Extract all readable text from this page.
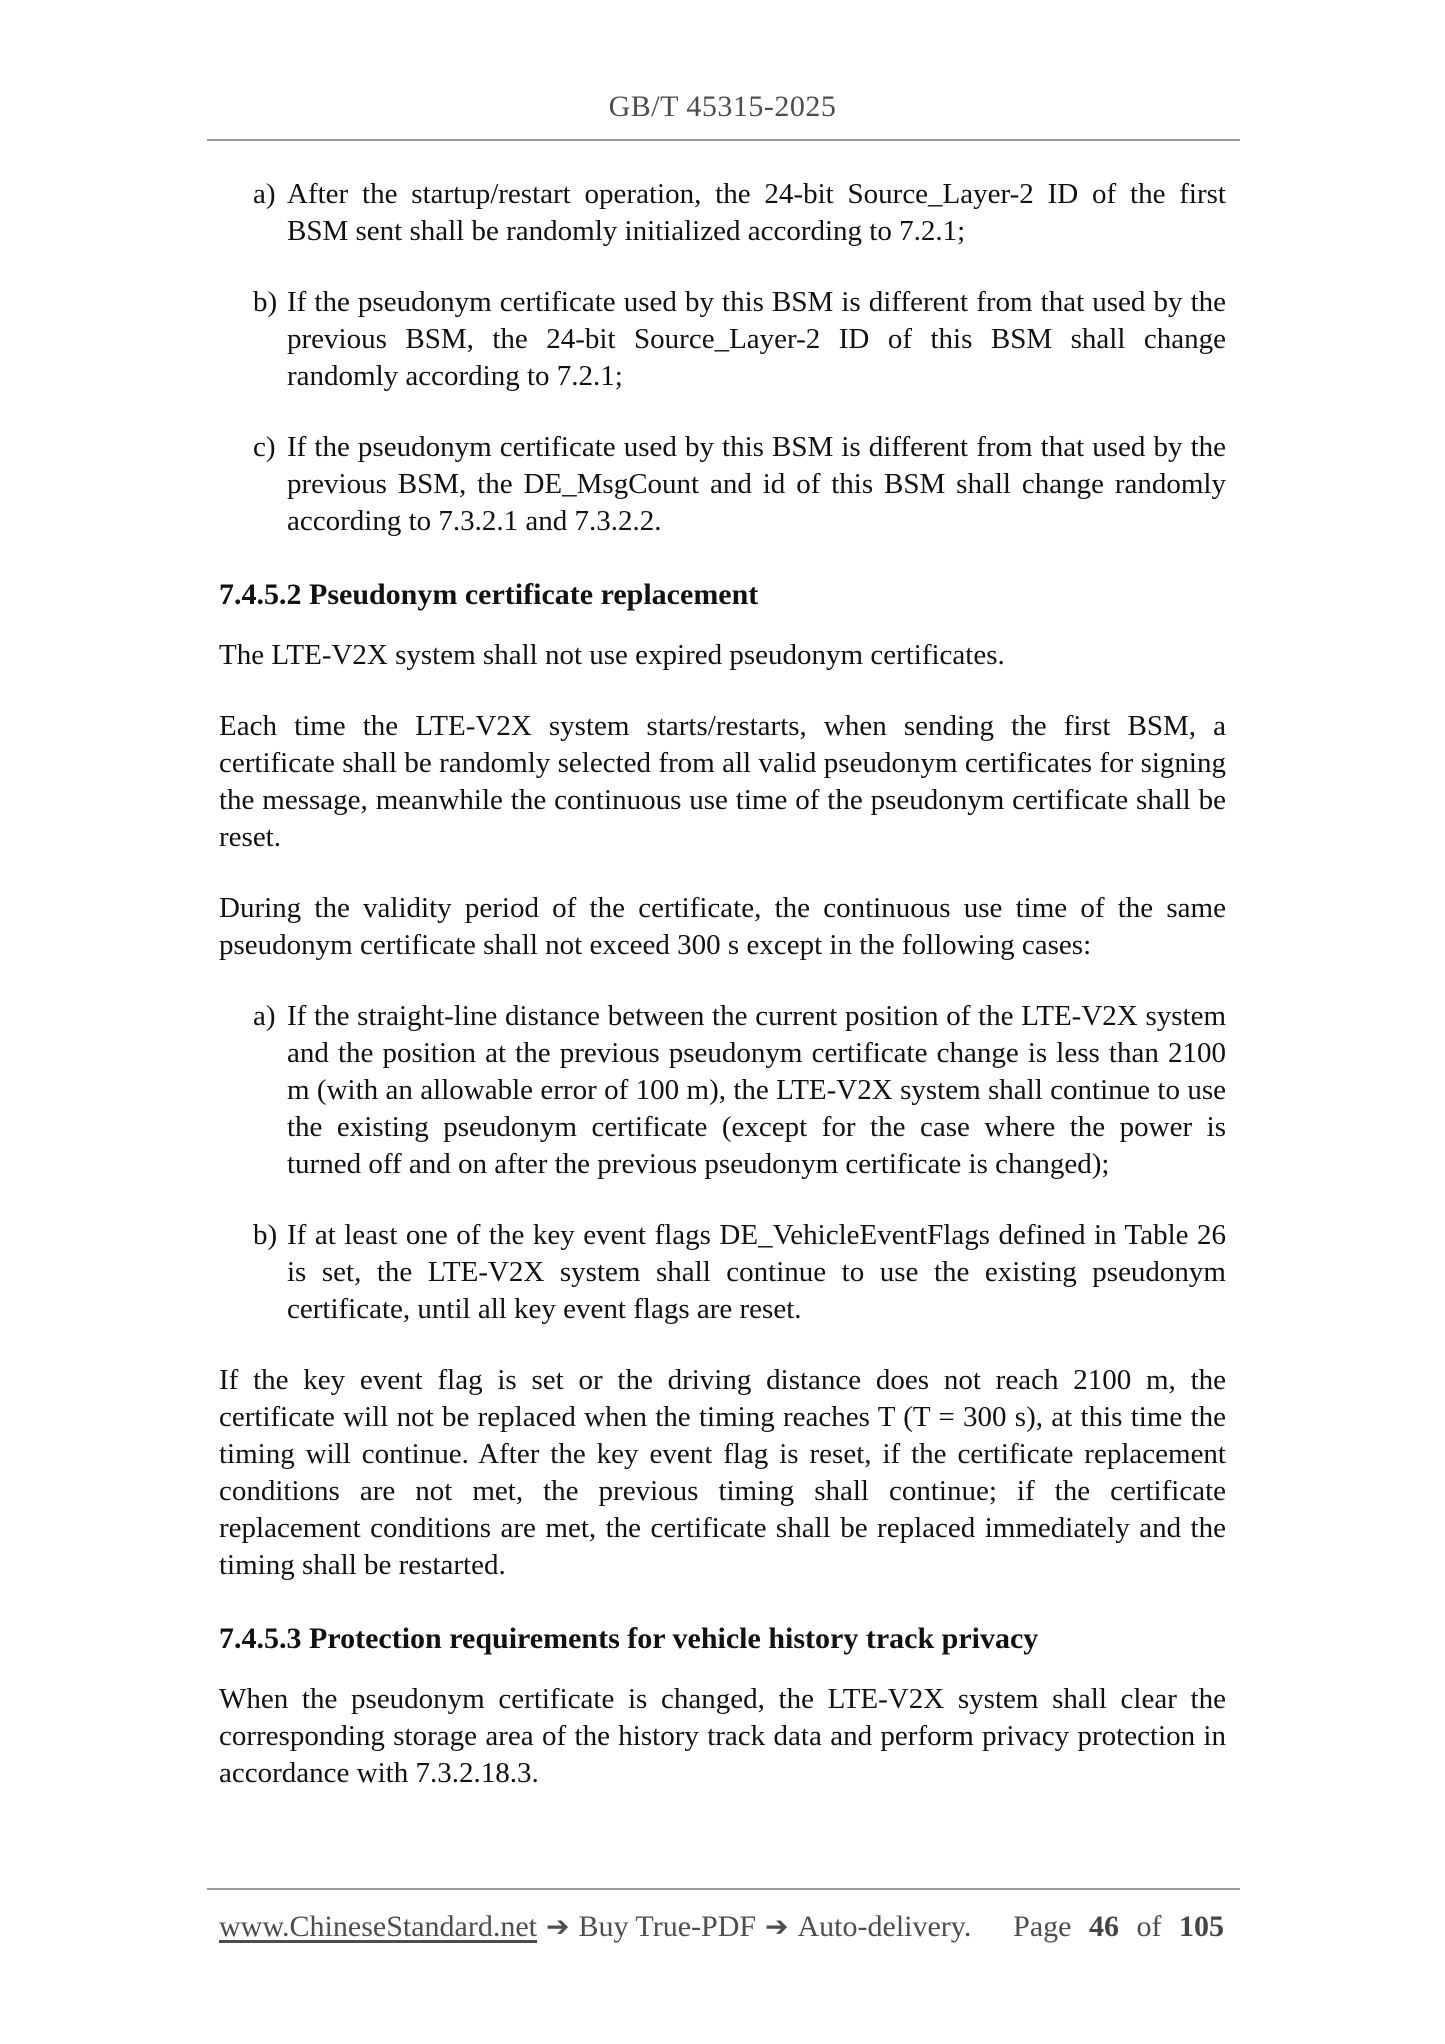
GB/T 45315-2025
a) After the startup/restart operation, the 24-bit Source_Layer-2 ID of the first BSM sent shall be randomly initialized according to 7.2.1;
b) If the pseudonym certificate used by this BSM is different from that used by the previous BSM, the 24-bit Source_Layer-2 ID of this BSM shall change randomly according to 7.2.1;
c) If the pseudonym certificate used by this BSM is different from that used by the previous BSM, the DE_MsgCount and id of this BSM shall change randomly according to 7.3.2.1 and 7.3.2.2.
7.4.5.2 Pseudonym certificate replacement

The LTE-V2X system shall not use expired pseudonym certificates.

Each time the LTE-V2X system starts/restarts, when sending the first BSM, a certificate shall be randomly selected from all valid pseudonym certificates for signing the message, meanwhile the continuous use time of the pseudonym certificate shall be reset.

During the validity period of the certificate, the continuous use time of the same pseudonym certificate shall not exceed 300 s except in the following cases:

a) If the straight-line distance between the current position of the LTE-V2X system and the position at the previous pseudonym certificate change is less than 2100 m (with an allowable error of 100 m), the LTE-V2X system shall continue to use the existing pseudonym certificate (except for the case where the power is turned off and on after the previous pseudonym certificate is changed);
b) If at least one of the key event flags DE_VehicleEventFlags defined in Table 26 is set, the LTE-V2X system shall continue to use the existing pseudonym certificate, until all key event flags are reset.

If the key event flag is set or the driving distance does not reach 2100 m, the certificate will not be replaced when the timing reaches T (T = 300 s), at this time the timing will continue. After the key event flag is reset, if the certificate replacement conditions are not met, the previous timing shall continue; if the certificate replacement conditions are met, the certificate shall be replaced immediately and the timing shall be restarted.

7.4.5.3 Protection requirements for vehicle history track privacy

When the pseudonym certificate is changed, the LTE-V2X system shall clear the corresponding storage area of the history track data and perform privacy protection in accordance with 7.3.2.18.3.

www.ChineseStandard.net ➔ Buy True-PDF ➔ Auto-delivery. Page 46 of 105
